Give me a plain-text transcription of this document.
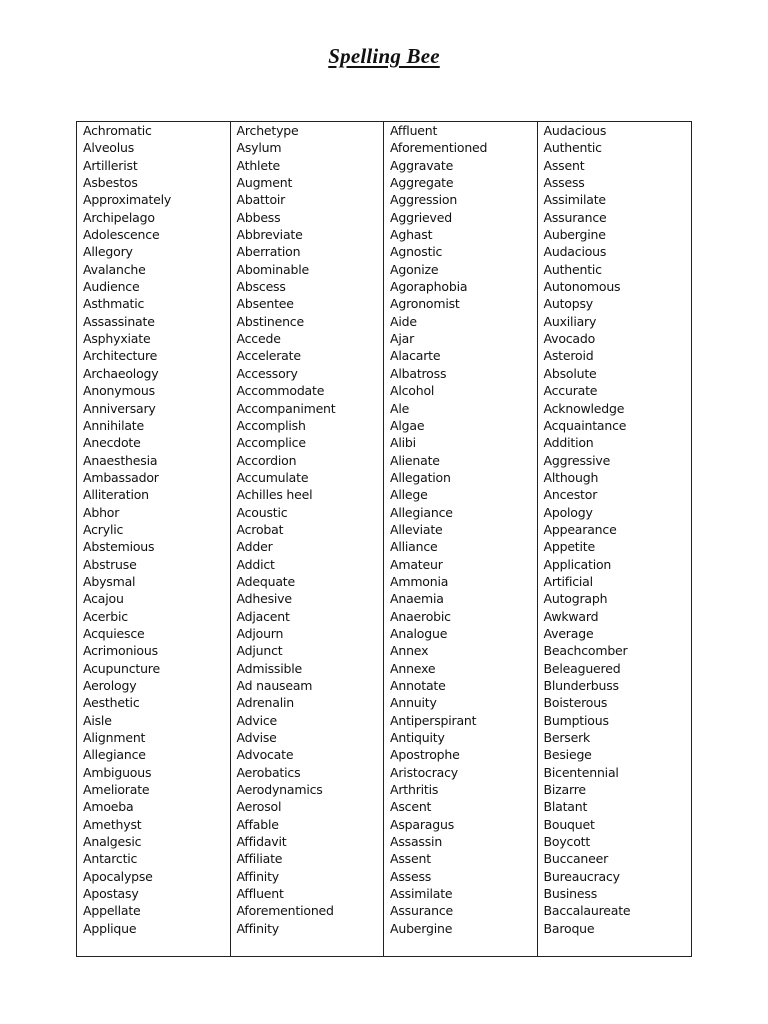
Spelling Bee
Achromatic
Alveolus
Artillerist
Asbestos
Approximately
Archipelago
Adolescence
Allegory
Avalanche
Audience
Asthmatic
Assassinate
Asphyxiate
Architecture
Archaeology
Anonymous
Anniversary
Annihilate
Anecdote
Anaesthesia
Ambassador
Alliteration
Abhor
Acrylic
Abstemious
Abstruse
Abysmal
Acajou
Acerbic
Acquiesce
Acrimonious
Acupuncture
Aerology
Aesthetic
Aisle
Alignment
Allegiance
Ambiguous
Ameliorate
Amoeba
Amethyst
Analgesic
Antarctic
Apocalypse
Apostasy
Appellate
Applique
Archetype
Asylum
Athlete
Augment
Abattoir
Abbess
Abbreviate
Aberration
Abominable
Abscess
Absentee
Abstinence
Accede
Accelerate
Accessory
Accommodate
Accompaniment
Accomplish
Accomplice
Accordion
Accumulate
Achilles heel
Acoustic
Acrobat
Adder
Addict
Adequate
Adhesive
Adjacent
Adjourn
Adjunct
Admissible
Ad nauseam
Adrenalin
Advice
Advise
Advocate
Aerobatics
Aerodynamics
Aerosol
Affable
Affidavit
Affiliate
Affinity
Affluent
Aforementioned
Affinity
Affluent
Aforementioned
Aggravate
Aggregate
Aggression
Aggrieved
Aghast
Agnostic
Agonize
Agoraphobia
Agronomist
Aide
Ajar
Alacarte
Albatross
Alcohol
Ale
Algae
Alibi
Alienate
Allegation
Allege
Allegiance
Alleviate
Alliance
Amateur
Ammonia
Anaemia
Anaerobic
Analogue
Annex
Annexe
Annotate
Annuity
Antiperspirant
Antiquity
Apostrophe
Aristocracy
Arthritis
Ascent
Asparagus
Assassin
Assent
Assess
Assimilate
Assurance
Aubergine
Audacious
Authentic
Assent
Assess
Assimilate
Assurance
Aubergine
Audacious
Authentic
Autonomous
Autopsy
Auxiliary
Avocado
Asteroid
Absolute
Accurate
Acknowledge
Acquaintance
Addition
Aggressive
Although
Ancestor
Apology
Appearance
Appetite
Application
Artificial
Autograph
Awkward
Average
Beachcomber
Beleaguered
Blunderbuss
Boisterous
Bumptious
Berserk
Besiege
Bicentennial
Bizarre
Blatant
Bouquet
Boycott
Buccaneer
Bureaucracy
Business
Baccalaureate
Baroque
